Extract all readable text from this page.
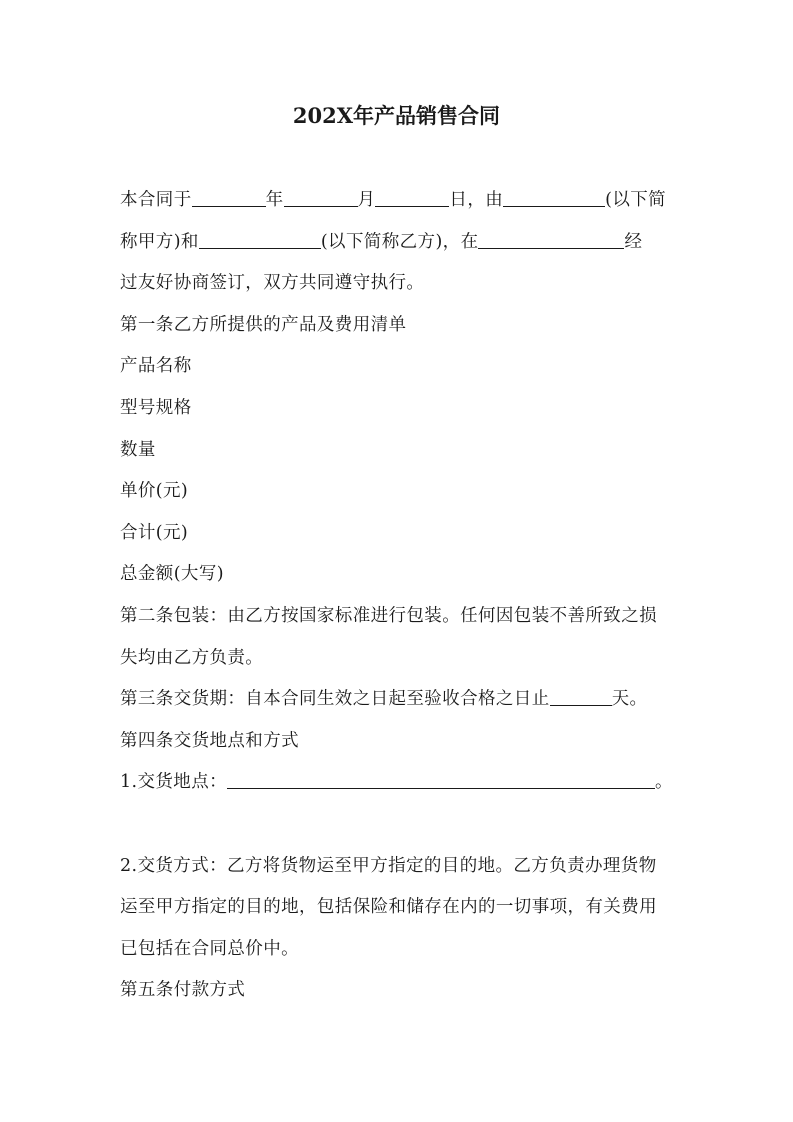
202X年产品销售合同
本合同于	年	月	日，由	(以下简
称甲方)和	(以下简称乙方)，在	经
过友好协商签订，双方共同遵守执行。
第一条乙方所提供的产品及费用清单
产品名称
型号规格
数量
单价(元)
合计(元)
总金额(大写)
第二条包装：由乙方按国家标准进行包装。任何因包装不善所致之损
失均由乙方负责。
第三条交货期：自本合同生效之日起至验收合格之日止	天。
第四条交货地点和方式
1.交货地点：	。
2.交货方式：乙方将货物运至甲方指定的目的地。乙方负责办理货物
运至甲方指定的目的地，包括保险和储存在内的一切事项，有关费用
已包括在合同总价中。
第五条付款方式
